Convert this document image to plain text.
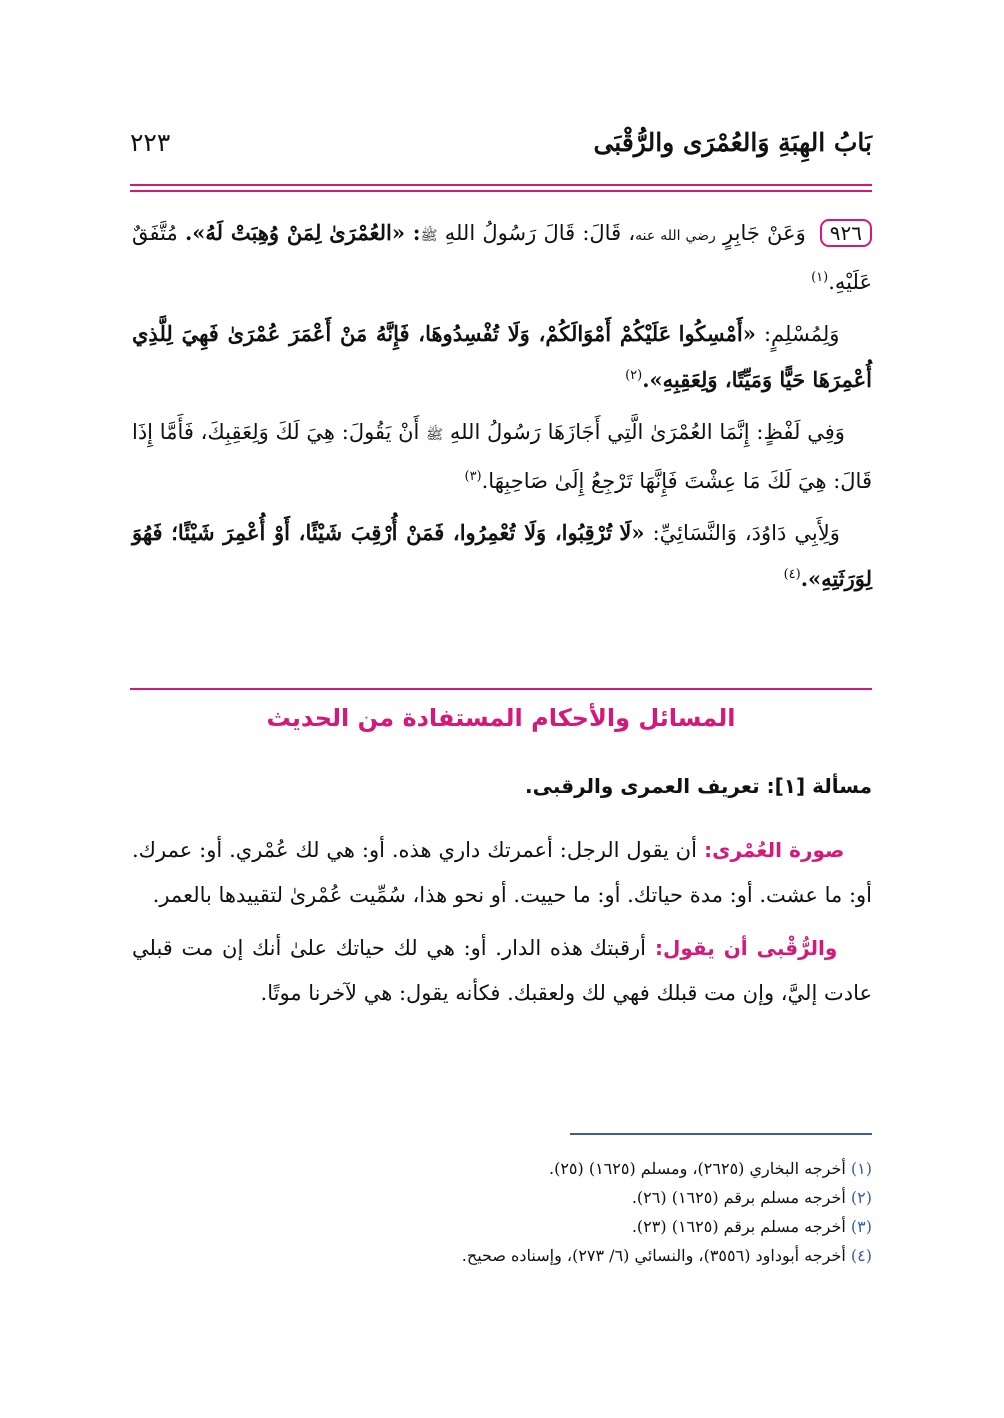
بَابُ الهِبَةِ وَالعُمْرَى والرُّقْبَى
٢٢٣

٩٢٦وَعَنْ جَابِرٍ رضي الله عنه، قَالَ: قَالَ رَسُولُ اللهِ ﷺ: «العُمْرَىٰ لِمَنْ وُهِبَتْ لَهُ». مُتَّفَقٌ عَلَيْهِ.$^{(١)}$

وَلِمُسْلِمٍ: «أَمْسِكُوا عَلَيْكُمْ أَمْوَالَكُمْ، وَلَا تُفْسِدُوهَا، فَإِنَّهُ مَنْ أَعْمَرَ عُمْرَىٰ فَهِيَ لِلَّذِي أُعْمِرَهَا حَيًّا وَمَيِّتًا، وَلِعَقِبِهِ».$^{(٢)}$

وَفِي لَفْظٍ: إِنَّمَا العُمْرَىٰ الَّتِي أَجَازَهَا رَسُولُ اللهِ ﷺ أَنْ يَقُولَ: هِيَ لَكَ وَلِعَقِبِكَ، فَأَمَّا إِذَا قَالَ: هِيَ لَكَ مَا عِشْتَ فَإِنَّهَا تَرْجِعُ إِلَىٰ صَاحِبِهَا.$^{(٣)}$

وَلِأَبِي دَاوُدَ، وَالنَّسَائِيِّ: «لَا تُرْقِبُوا، وَلَا تُعْمِرُوا، فَمَنْ أُرْقِبَ شَيْئًا، أَوْ أُعْمِرَ شَيْئًا؛ فَهُوَ لِوَرَثَتِهِ».$^{(٤)}$

المسائل والأحكام المستفادة من الحديث
مسألة [١]: تعريف العمرى والرقبى.

صورة العُمْرى: أن يقول الرجل: أعمرتك داري هذه. أو: هي لك عُمْري. أو: عمرك. أو: ما عشت. أو: مدة حياتك. أو: ما حييت. أو نحو هذا، سُمِّيت عُمْرىٰ لتقييدها بالعمر.

والرُّقْبى أن يقول: أرقبتك هذه الدار. أو: هي لك حياتك علىٰ أنك إن مت قبلي عادت إليَّ، وإن مت قبلك فهي لك ولعقبك. فكأنه يقول: هي لآخرنا موتًا.

(١) أخرجه البخاري (٢٦٢٥)، ومسلم (١٦٢٥) (٢٥).
(٢) أخرجه مسلم برقم (١٦٢٥) (٢٦).
(٣) أخرجه مسلم برقم (١٦٢٥) (٢٣).
(٤) أخرجه أبوداود (٣٥٥٦)، والنسائي (٦/ ٢٧٣)، وإسناده صحيح.
